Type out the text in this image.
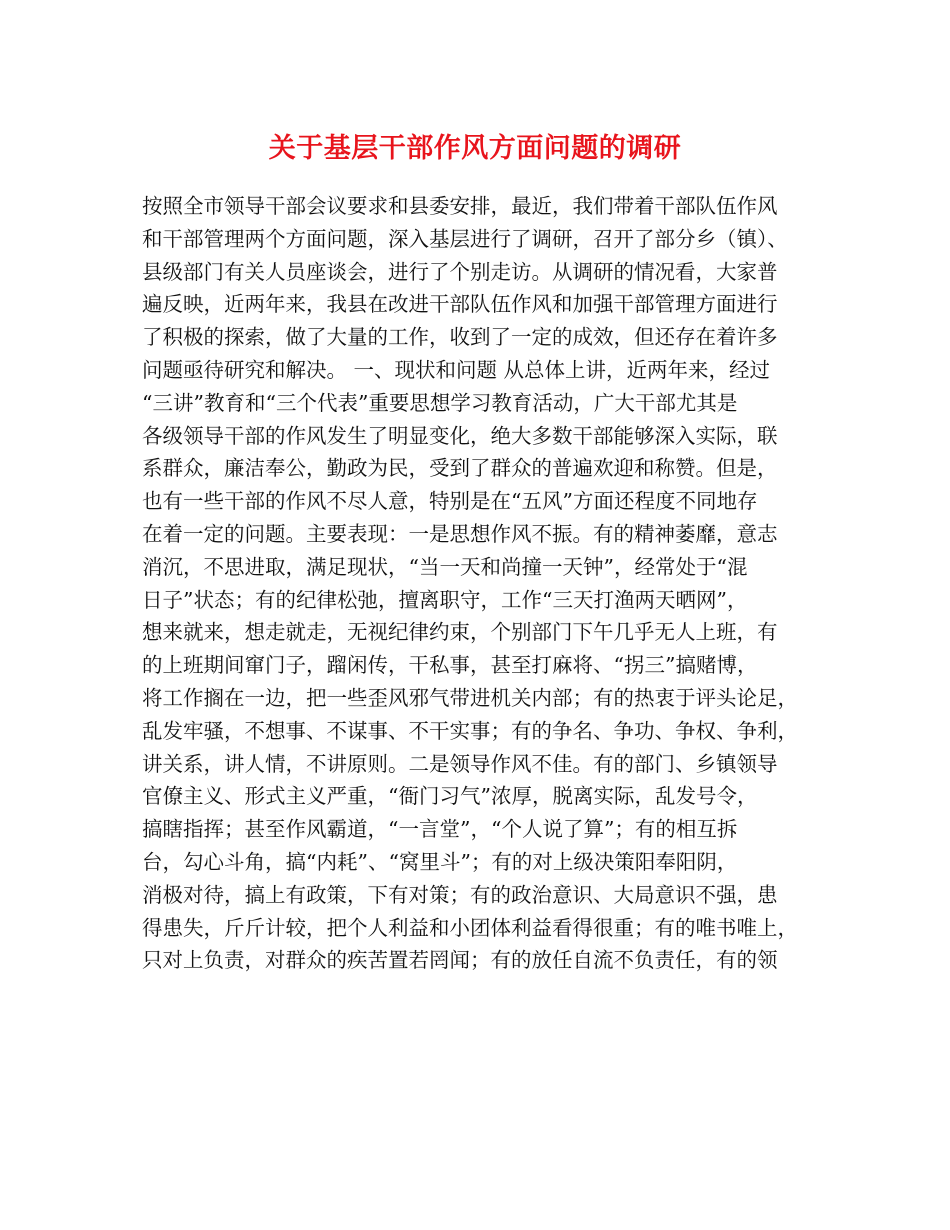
关于基层干部作风方面问题的调研
按照全市领导干部会议要求和县委安排，最近，我们带着干部队伍作风
和干部管理两个方面问题，深入基层进行了调研，召开了部分乡（镇）、
县级部门有关人员座谈会，进行了个别走访。从调研的情况看，大家普
遍反映，近两年来，我县在改进干部队伍作风和加强干部管理方面进行
了积极的探索，做了大量的工作，收到了一定的成效，但还存在着许多
问题亟待研究和解决。 一、现状和问题 从总体上讲，近两年来，经过
“三讲”教育和“三个代表”重要思想学习教育活动，广大干部尤其是
各级领导干部的作风发生了明显变化，绝大多数干部能够深入实际，联
系群众，廉洁奉公，勤政为民，受到了群众的普遍欢迎和称赞。但是，
也有一些干部的作风不尽人意，特别是在“五风”方面还程度不同地存
在着一定的问题。主要表现：一是思想作风不振。有的精神萎靡，意志
消沉，不思进取，满足现状，“当一天和尚撞一天钟”，经常处于“混
日子”状态；有的纪律松弛，擅离职守，工作“三天打渔两天晒网”，
想来就来，想走就走，无视纪律约束，个别部门下午几乎无人上班，有
的上班期间窜门子，蹓闲传，干私事，甚至打麻将、“拐三”搞赌博，
将工作搁在一边，把一些歪风邪气带进机关内部；有的热衷于评头论足，
乱发牢骚，不想事、不谋事、不干实事；有的争名、争功、争权、争利，
讲关系，讲人情，不讲原则。二是领导作风不佳。有的部门、乡镇领导
官僚主义、形式主义严重，“衙门习气”浓厚，脱离实际，乱发号令，
搞瞎指挥；甚至作风霸道，“一言堂”，“个人说了算”；有的相互拆
台，勾心斗角，搞“内耗”、“窝里斗”；有的对上级决策阳奉阳阴，
消极对待，搞上有政策，下有对策；有的政治意识、大局意识不强，患
得患失，斤斤计较，把个人利益和小团体利益看得很重；有的唯书唯上，
只对上负责，对群众的疾苦置若罔闻；有的放任自流不负责任，有的领
